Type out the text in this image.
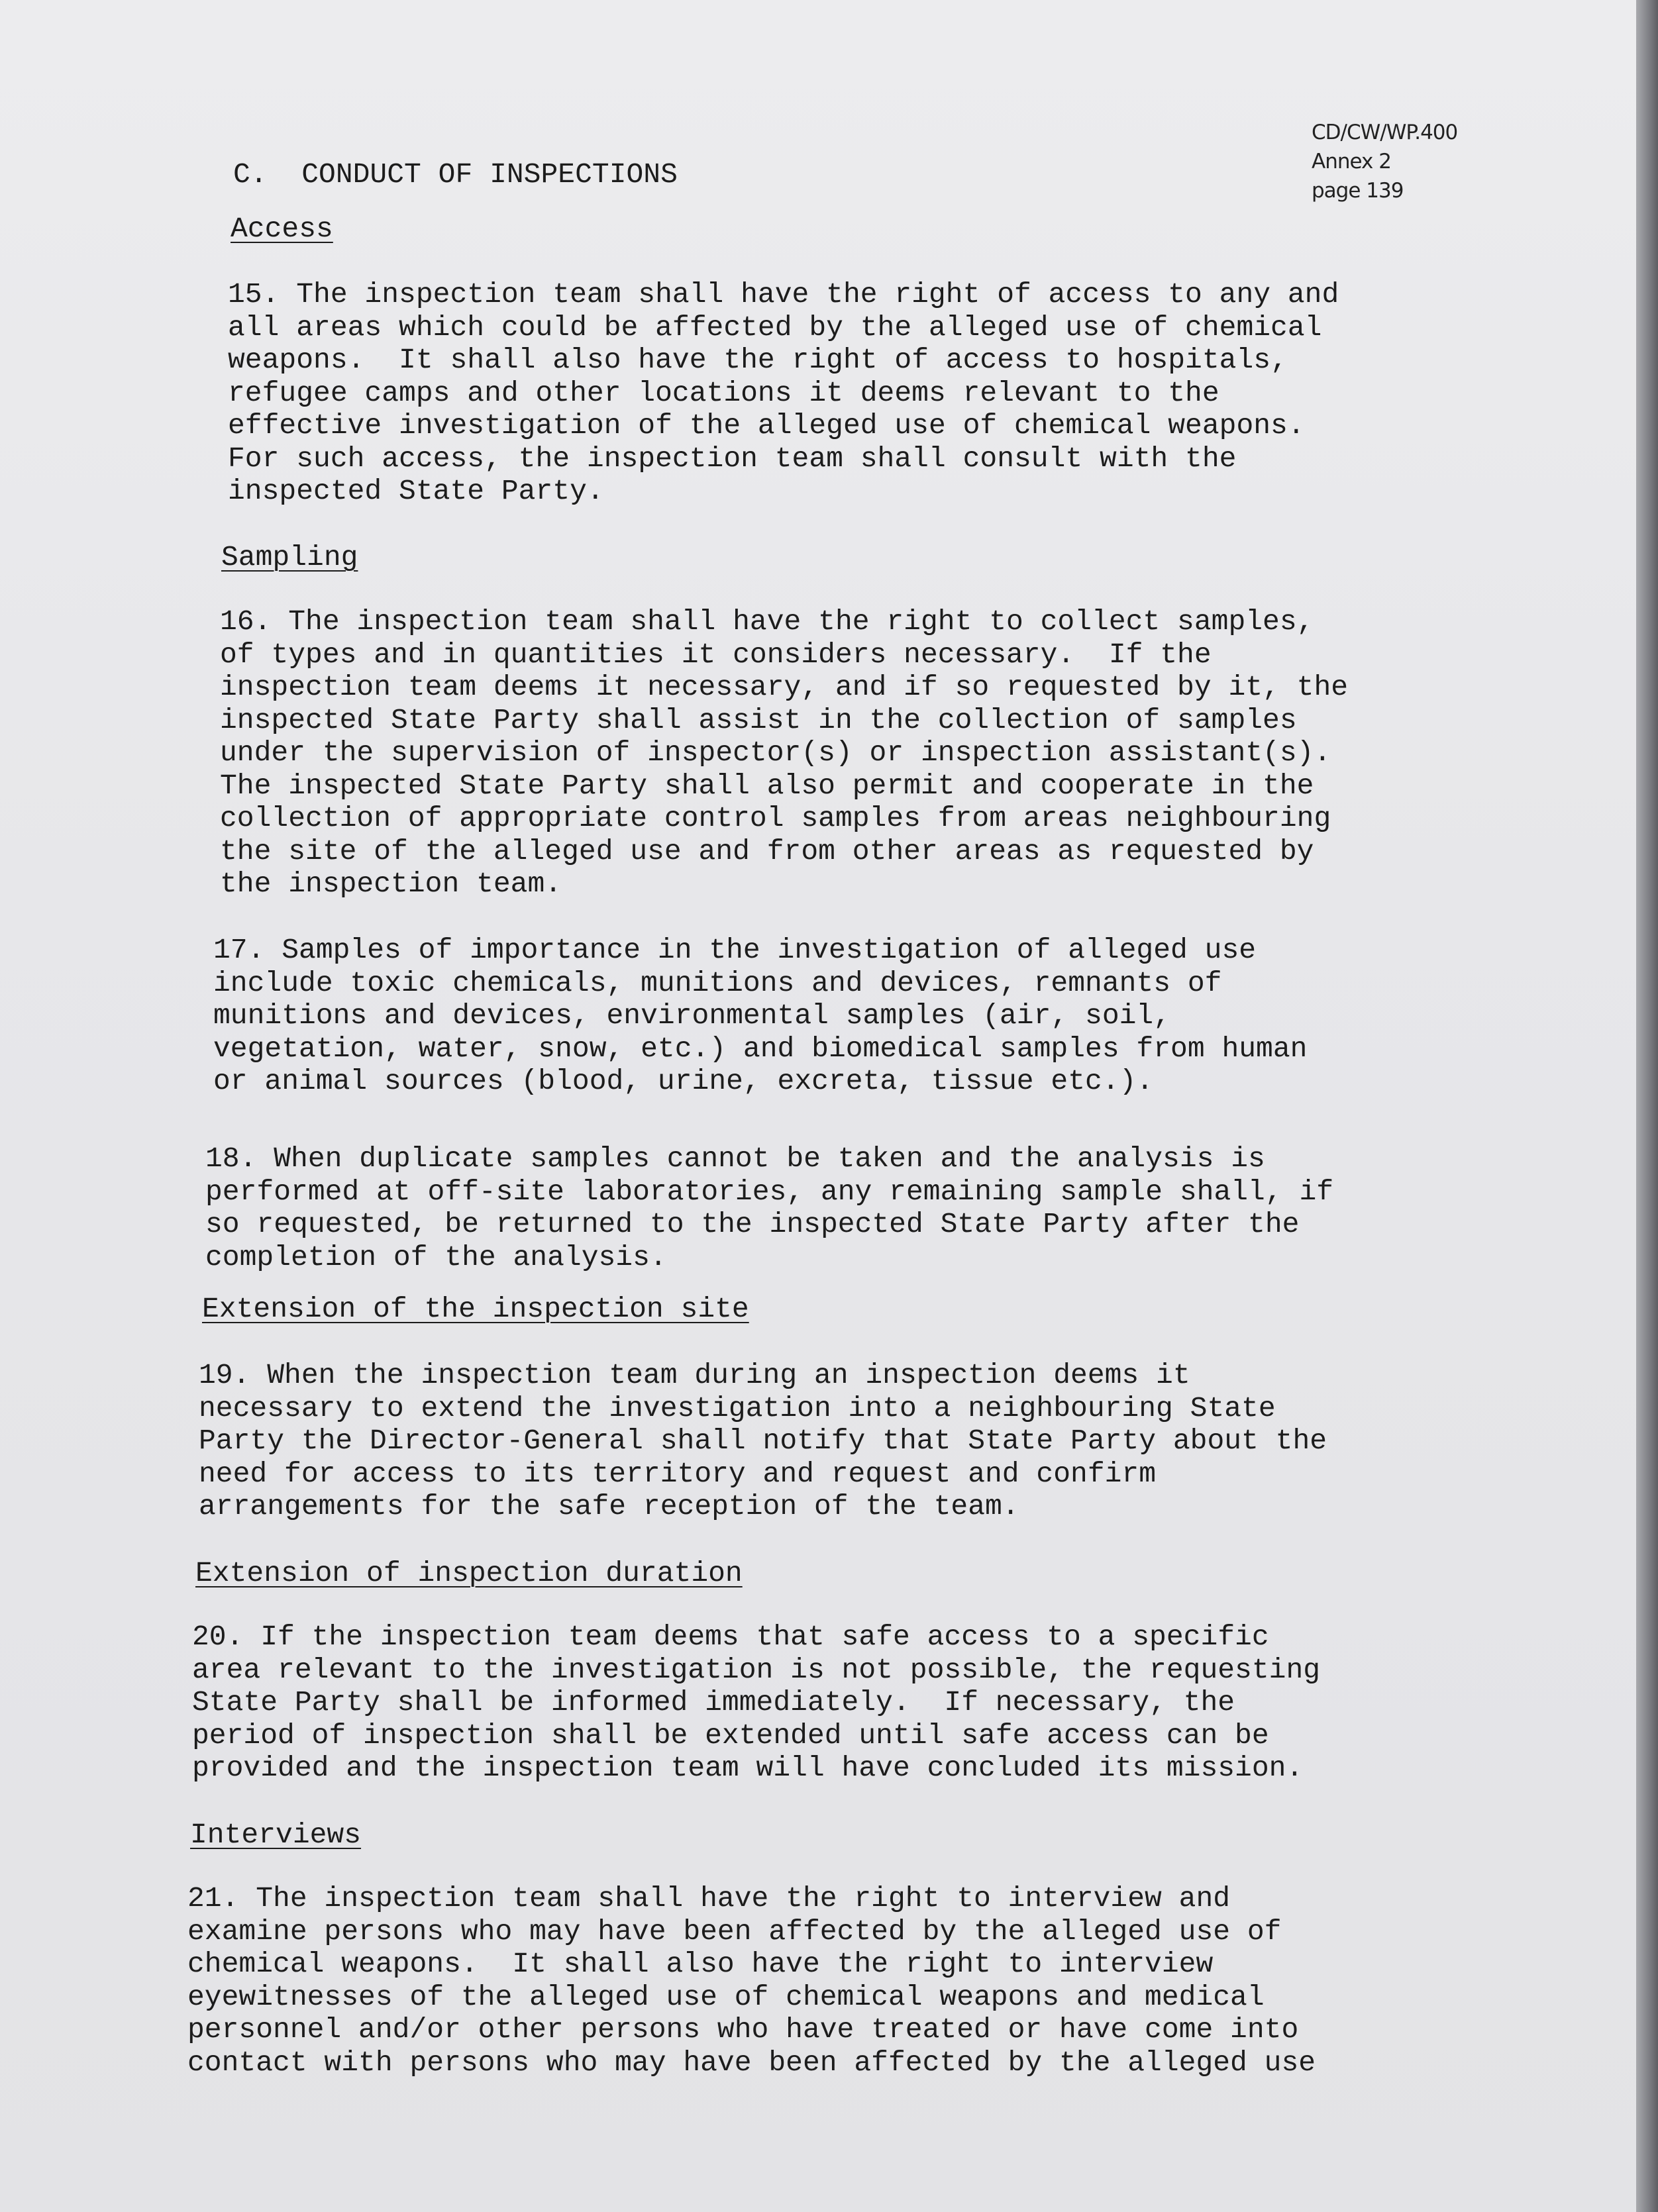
CD/CW/WP.400
Annex 2
page 139
C.  CONDUCT OF INSPECTIONS
Access
15. The inspection team shall have the right of access to any and
all areas which could be affected by the alleged use of chemical
weapons.  It shall also have the right of access to hospitals,
refugee camps and other locations it deems relevant to the
effective investigation of the alleged use of chemical weapons.
For such access, the inspection team shall consult with the
inspected State Party.
Sampling
16. The inspection team shall have the right to collect samples,
of types and in quantities it considers necessary.  If the
inspection team deems it necessary, and if so requested by it, the
inspected State Party shall assist in the collection of samples
under the supervision of inspector(s) or inspection assistant(s).
The inspected State Party shall also permit and cooperate in the
collection of appropriate control samples from areas neighbouring
the site of the alleged use and from other areas as requested by
the inspection team.
17. Samples of importance in the investigation of alleged use
include toxic chemicals, munitions and devices, remnants of
munitions and devices, environmental samples (air, soil,
vegetation, water, snow, etc.) and biomedical samples from human
or animal sources (blood, urine, excreta, tissue etc.).
18. When duplicate samples cannot be taken and the analysis is
performed at off-site laboratories, any remaining sample shall, if
so requested, be returned to the inspected State Party after the
completion of the analysis.
Extension of the inspection site
19. When the inspection team during an inspection deems it
necessary to extend the investigation into a neighbouring State
Party the Director-General shall notify that State Party about the
need for access to its territory and request and confirm
arrangements for the safe reception of the team.
Extension of inspection duration
20. If the inspection team deems that safe access to a specific
area relevant to the investigation is not possible, the requesting
State Party shall be informed immediately.  If necessary, the
period of inspection shall be extended until safe access can be
provided and the inspection team will have concluded its mission.
Interviews
21. The inspection team shall have the right to interview and
examine persons who may have been affected by the alleged use of
chemical weapons.  It shall also have the right to interview
eyewitnesses of the alleged use of chemical weapons and medical
personnel and/or other persons who have treated or have come into
contact with persons who may have been affected by the alleged use
